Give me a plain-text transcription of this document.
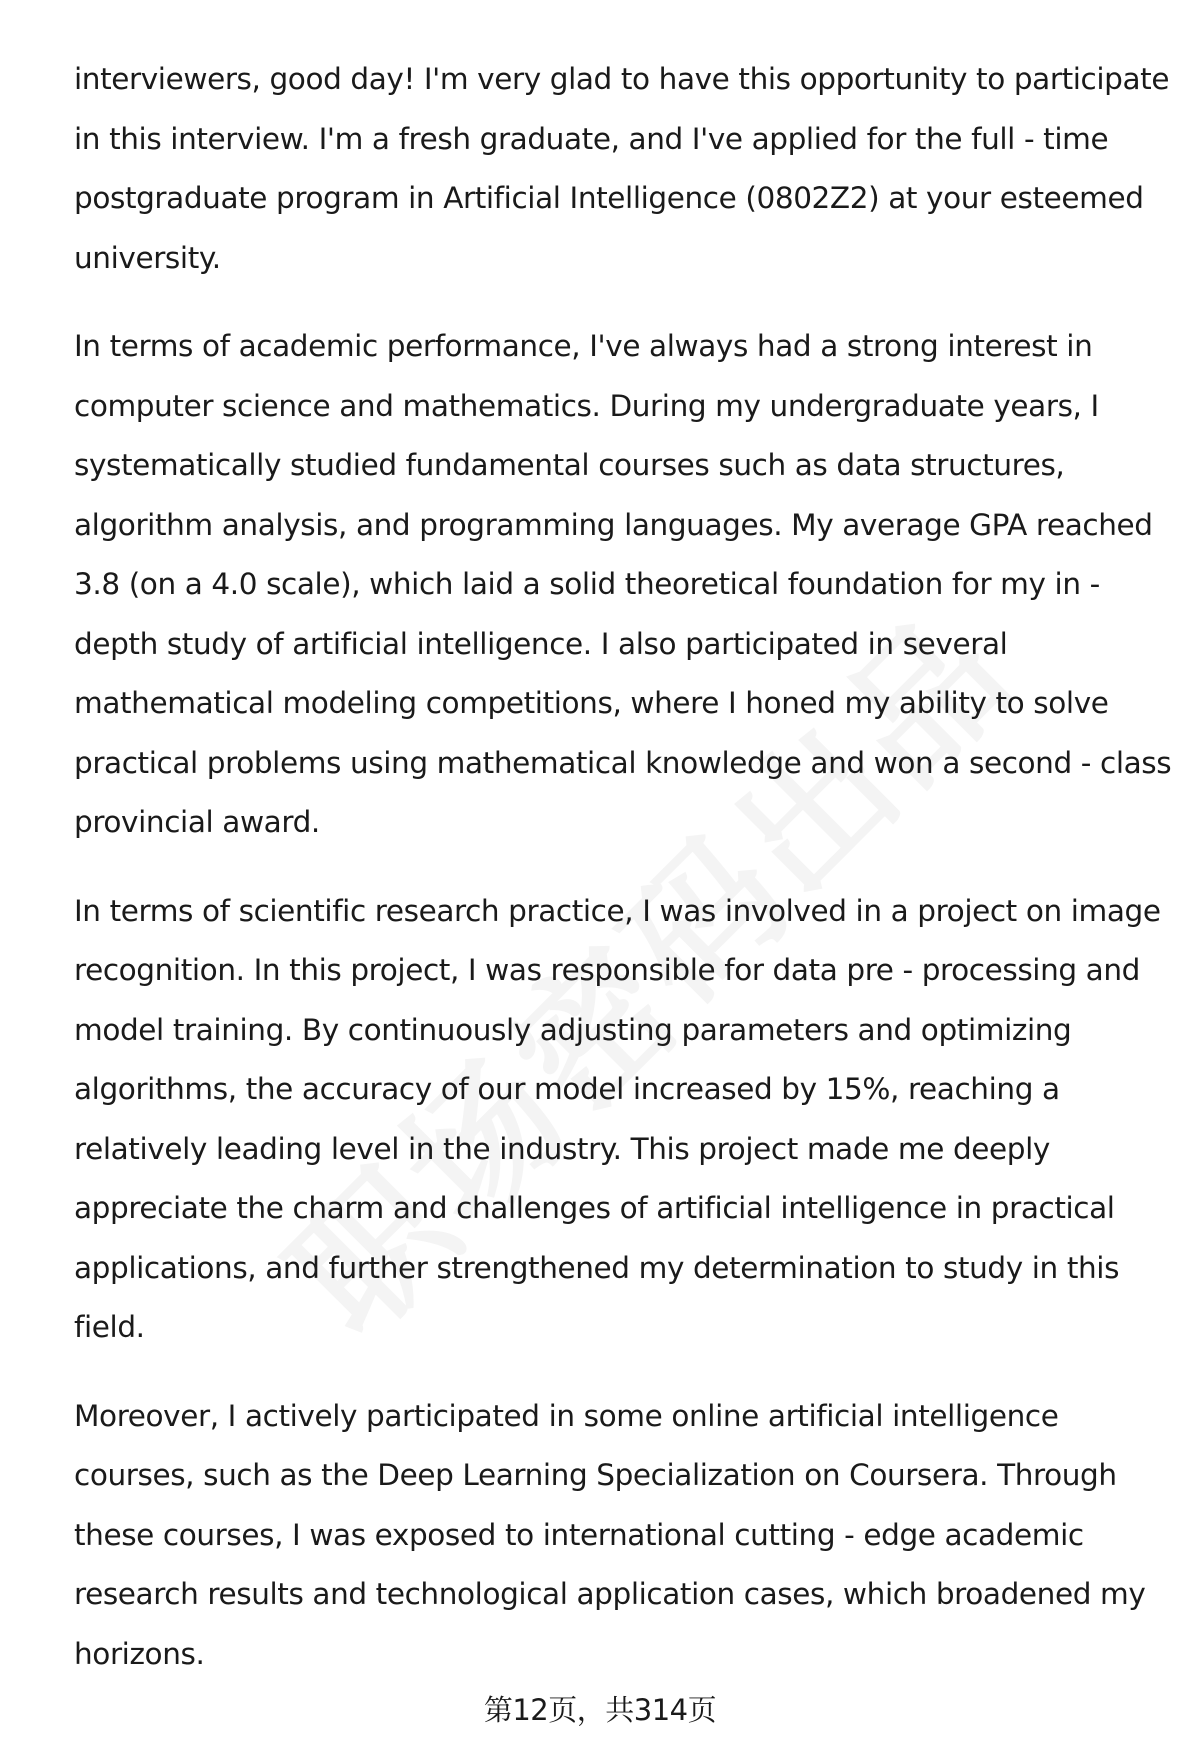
interviewers, good day! I'm very glad to have this opportunity to participate
in this interview. I'm a fresh graduate, and I've applied for the full - time
postgraduate program in Artificial Intelligence (0802Z2) at your esteemed
university.

In terms of academic performance, I've always had a strong interest in
computer science and mathematics. During my undergraduate years, I
systematically studied fundamental courses such as data structures,
algorithm analysis, and programming languages. My average GPA reached
3.8 (on a 4.0 scale), which laid a solid theoretical foundation for my in -
depth study of artificial intelligence. I also participated in several
mathematical modeling competitions, where I honed my ability to solve
practical problems using mathematical knowledge and won a second - class
provincial award.

In terms of scientific research practice, I was involved in a project on image
recognition. In this project, I was responsible for data pre - processing and
model training. By continuously adjusting parameters and optimizing
algorithms, the accuracy of our model increased by 15%, reaching a
relatively leading level in the industry. This project made me deeply
appreciate the charm and challenges of artificial intelligence in practical
applications, and further strengthened my determination to study in this
field.

Moreover, I actively participated in some online artificial intelligence
courses, such as the Deep Learning Specialization on Coursera. Through
these courses, I was exposed to international cutting - edge academic
research results and technological application cases, which broadened my
horizons.

第12页，共314页
